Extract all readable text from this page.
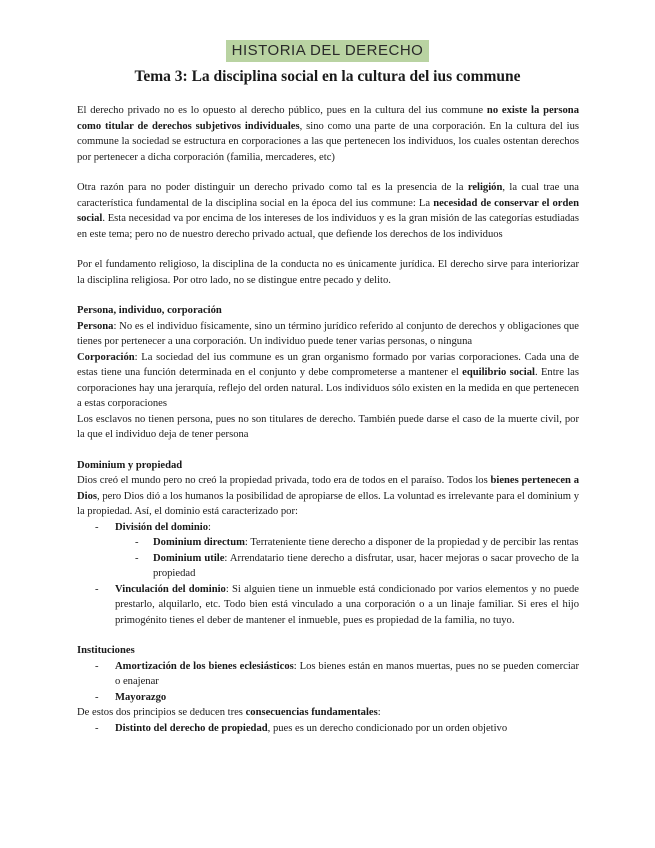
HISTORIA DEL DERECHO
Tema 3: La disciplina social en la cultura del ius commune

El derecho privado no es lo opuesto al derecho público, pues en la cultura del ius commune no existe la persona como titular de derechos subjetivos individuales, sino como una parte de una corporación. En la cultura del ius commune la sociedad se estructura en corporaciones a las que pertenecen los individuos, los cuales ostentan derechos por pertenecer a dicha corporación (familia, mercaderes, etc)

Otra razón para no poder distinguir un derecho privado como tal es la presencia de la religión, la cual trae una característica fundamental de la disciplina social en la época del ius commune: La necesidad de conservar el orden social. Esta necesidad va por encima de los intereses de los individuos y es la gran misión de las categorías estudiadas en este tema; pero no de nuestro derecho privado actual, que defiende los derechos de los individuos

Por el fundamento religioso, la disciplina de la conducta no es únicamente jurídica. El derecho sirve para interiorizar la disciplina religiosa. Por otro lado, no se distingue entre pecado y delito.

Persona, individuo, corporación

Persona: No es el individuo físicamente, sino un término jurídico referido al conjunto de derechos y obligaciones que tienes por pertenecer a una corporación. Un individuo puede tener varias personas, o ninguna

Corporación: La sociedad del ius commune es un gran organismo formado por varias corporaciones. Cada una de estas tiene una función determinada en el conjunto y debe comprometerse a mantener el equilibrio social. Entre las corporaciones hay una jerarquía, reflejo del orden natural. Los individuos sólo existen en la medida en que pertenecen a estas corporaciones

Los esclavos no tienen persona, pues no son titulares de derecho. También puede darse el caso de la muerte civil, por la que el individuo deja de tener persona

Dominium y propiedad

Dios creó el mundo pero no creó la propiedad privada, todo era de todos en el paraíso. Todos los bienes pertenecen a Dios, pero Dios dió a los humanos la posibilidad de apropiarse de ellos. La voluntad es irrelevante para el dominium y la propiedad. Así, el dominio está caracterizado por:

- División del dominio:
- Dominium directum: Terrateniente tiene derecho a disponer de la propiedad y de percibir las rentas
- Dominium utile: Arrendatario tiene derecho a disfrutar, usar, hacer mejoras o sacar provecho de la propiedad
- Vinculación del dominio: Si alguien tiene un inmueble está condicionado por varios elementos y no puede prestarlo, alquilarlo, etc. Todo bien está vinculado a una corporación o a un linaje familiar. Si eres el hijo primogénito tienes el deber de mantener el inmueble, pues es propiedad de la familia, no tuyo.

Instituciones

- Amortización de los bienes eclesiásticos: Los bienes están en manos muertas, pues no se pueden comerciar o enajenar
- Mayorazgo

De estos dos principios se deducen tres consecuencias fundamentales:

- Distinto del derecho de propiedad, pues es un derecho condicionado por un orden objetivo
